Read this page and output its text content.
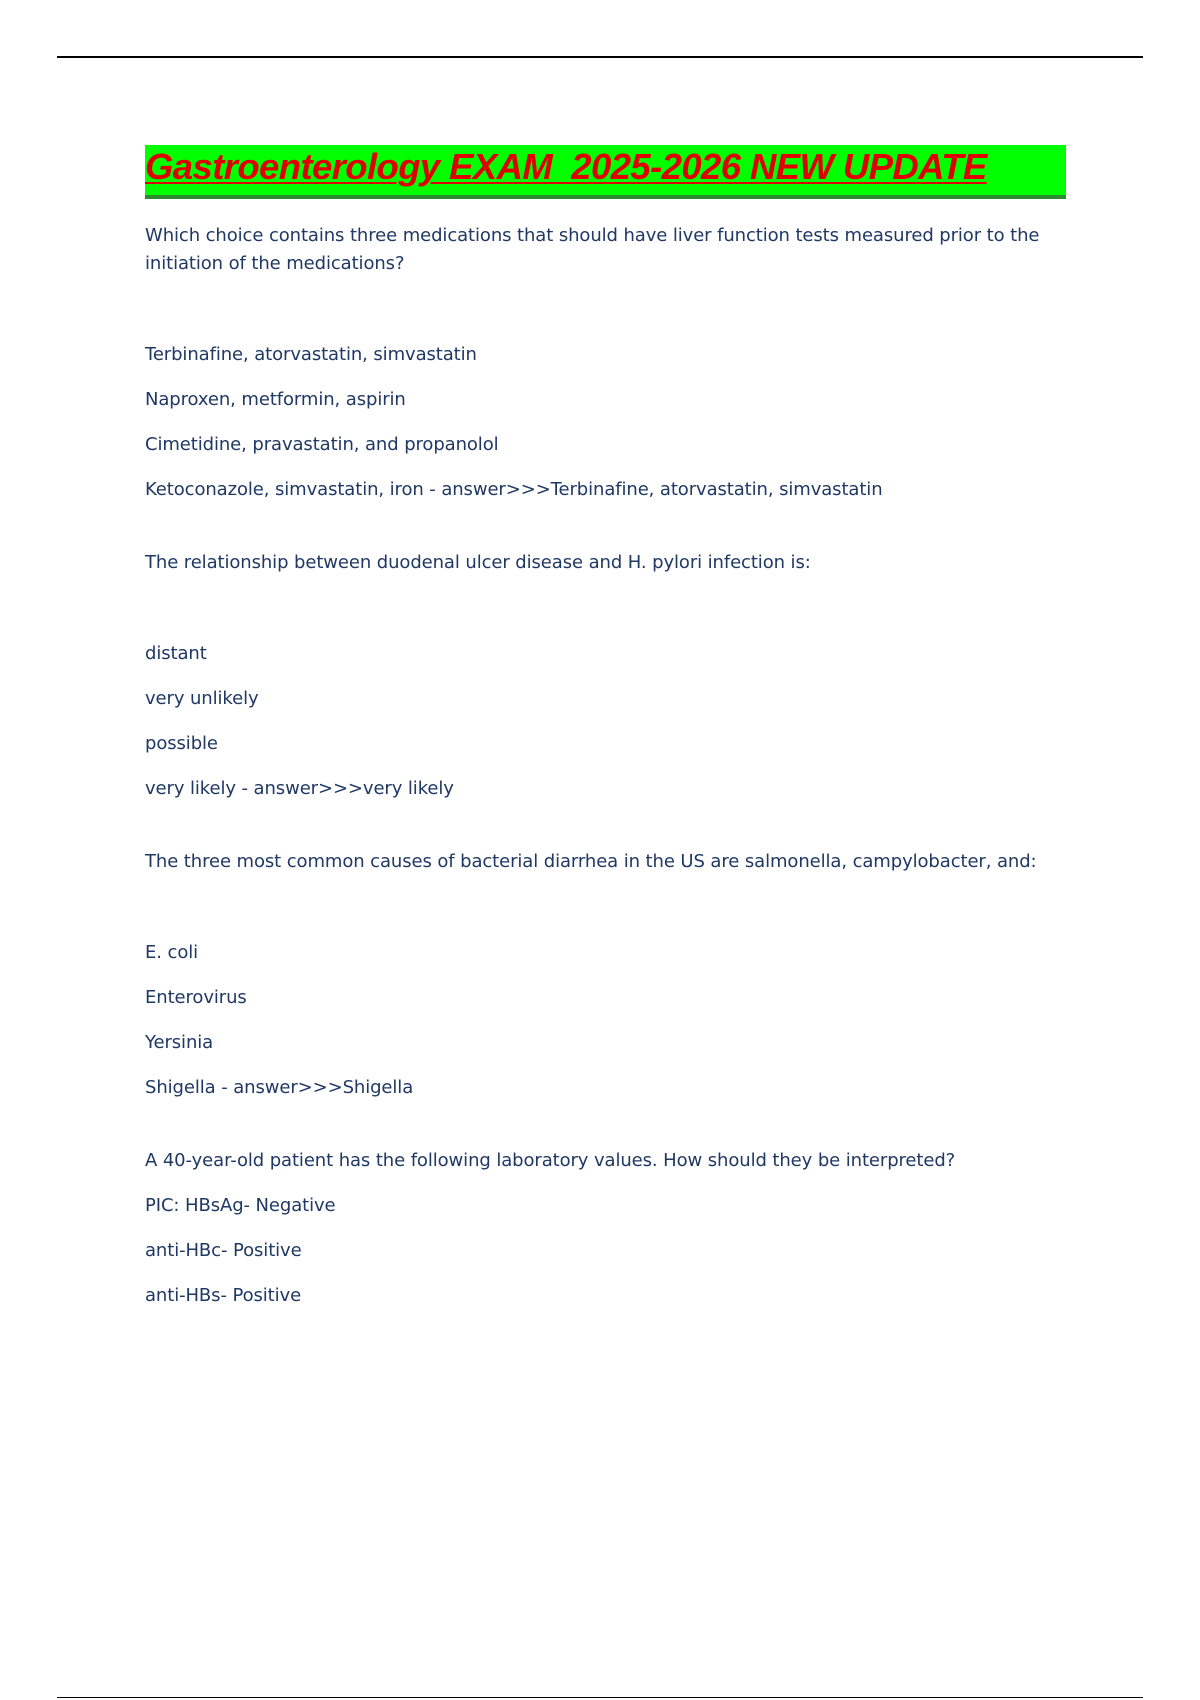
Gastroenterology EXAM  2025-2026 NEW UPDATE

Which choice contains three medications that should have liver function tests measured prior to the initiation of the medications?

Terbinafine, atorvastatin, simvastatin

Naproxen, metformin, aspirin

Cimetidine, pravastatin, and propanolol

Ketoconazole, simvastatin, iron - answer>>>Terbinafine, atorvastatin, simvastatin

The relationship between duodenal ulcer disease and H. pylori infection is:

distant

very unlikely

possible

very likely - answer>>>very likely

The three most common causes of bacterial diarrhea in the US are salmonella, campylobacter, and:

E. coli

Enterovirus

Yersinia

Shigella - answer>>>Shigella

A 40-year-old patient has the following laboratory values. How should they be interpreted?

PIC: HBsAg- Negative

anti-HBc- Positive

anti-HBs- Positive
